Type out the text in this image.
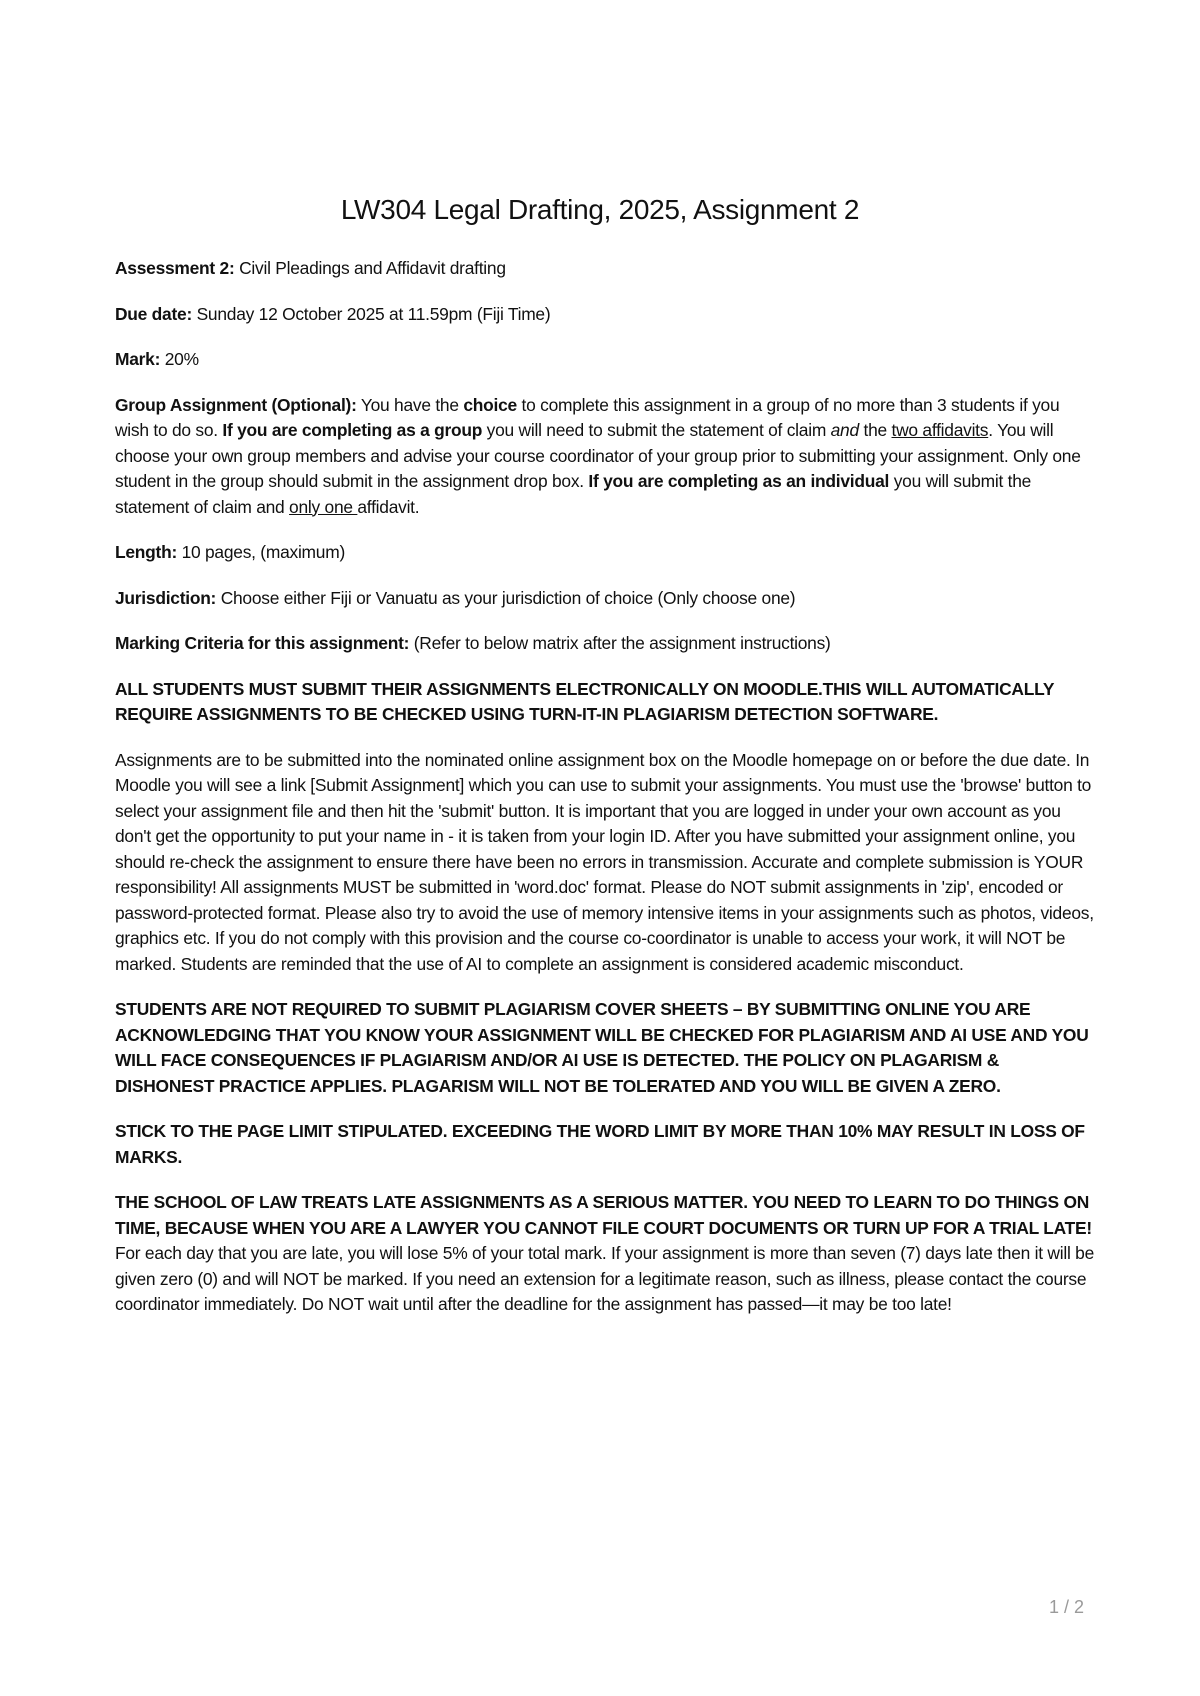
LW304 Legal Drafting, 2025, Assignment 2

Assessment 2: Civil Pleadings and Affidavit drafting

Due date: Sunday 12 October 2025 at 11.59pm (Fiji Time)

Mark: 20%

Group Assignment (Optional): You have the choice to complete this assignment in a group of no more than 3 students if you wish to do so. If you are completing as a group you will need to submit the statement of claim and the two affidavits. You will choose your own group members and advise your course coordinator of your group prior to submitting your assignment. Only one student in the group should submit in the assignment drop box. If you are completing as an individual you will submit the statement of claim and only one affidavit.

Length: 10 pages, (maximum)

Jurisdiction: Choose either Fiji or Vanuatu as your jurisdiction of choice (Only choose one)

Marking Criteria for this assignment: (Refer to below matrix after the assignment instructions)

ALL STUDENTS MUST SUBMIT THEIR ASSIGNMENTS ELECTRONICALLY ON MOODLE.THIS WILL AUTOMATICALLY REQUIRE ASSIGNMENTS TO BE CHECKED USING TURN-IT-IN PLAGIARISM DETECTION SOFTWARE.

Assignments are to be submitted into the nominated online assignment box on the Moodle homepage on or before the due date. In Moodle you will see a link [Submit Assignment] which you can use to submit your assignments. You must use the 'browse' button to select your assignment file and then hit the 'submit' button. It is important that you are logged in under your own account as you don't get the opportunity to put your name in - it is taken from your login ID. After you have submitted your assignment online, you should re-check the assignment to ensure there have been no errors in transmission. Accurate and complete submission is YOUR responsibility! All assignments MUST be submitted in 'word.doc' format. Please do NOT submit assignments in 'zip', encoded or password-protected format. Please also try to avoid the use of memory intensive items in your assignments such as photos, videos, graphics etc. If you do not comply with this provision and the course co-coordinator is unable to access your work, it will NOT be marked. Students are reminded that the use of AI to complete an assignment is considered academic misconduct.

STUDENTS ARE NOT REQUIRED TO SUBMIT PLAGIARISM COVER SHEETS – BY SUBMITTING ONLINE YOU ARE ACKNOWLEDGING THAT YOU KNOW YOUR ASSIGNMENT WILL BE CHECKED FOR PLAGIARISM AND AI USE AND YOU WILL FACE CONSEQUENCES IF PLAGIARISM AND/OR AI USE IS DETECTED. THE POLICY ON PLAGARISM & DISHONEST PRACTICE APPLIES. PLAGARISM WILL NOT BE TOLERATED AND YOU WILL BE GIVEN A ZERO.

STICK TO THE PAGE LIMIT STIPULATED. EXCEEDING THE WORD LIMIT BY MORE THAN 10% MAY RESULT IN LOSS OF MARKS.

THE SCHOOL OF LAW TREATS LATE ASSIGNMENTS AS A SERIOUS MATTER. YOU NEED TO LEARN TO DO THINGS ON TIME, BECAUSE WHEN YOU ARE A LAWYER YOU CANNOT FILE COURT DOCUMENTS OR TURN UP FOR A TRIAL LATE! For each day that you are late, you will lose 5% of your total mark. If your assignment is more than seven (7) days late then it will be given zero (0) and will NOT be marked. If you need an extension for a legitimate reason, such as illness, please contact the course coordinator immediately. Do NOT wait until after the deadline for the assignment has passed—it may be too late!

1 / 2
